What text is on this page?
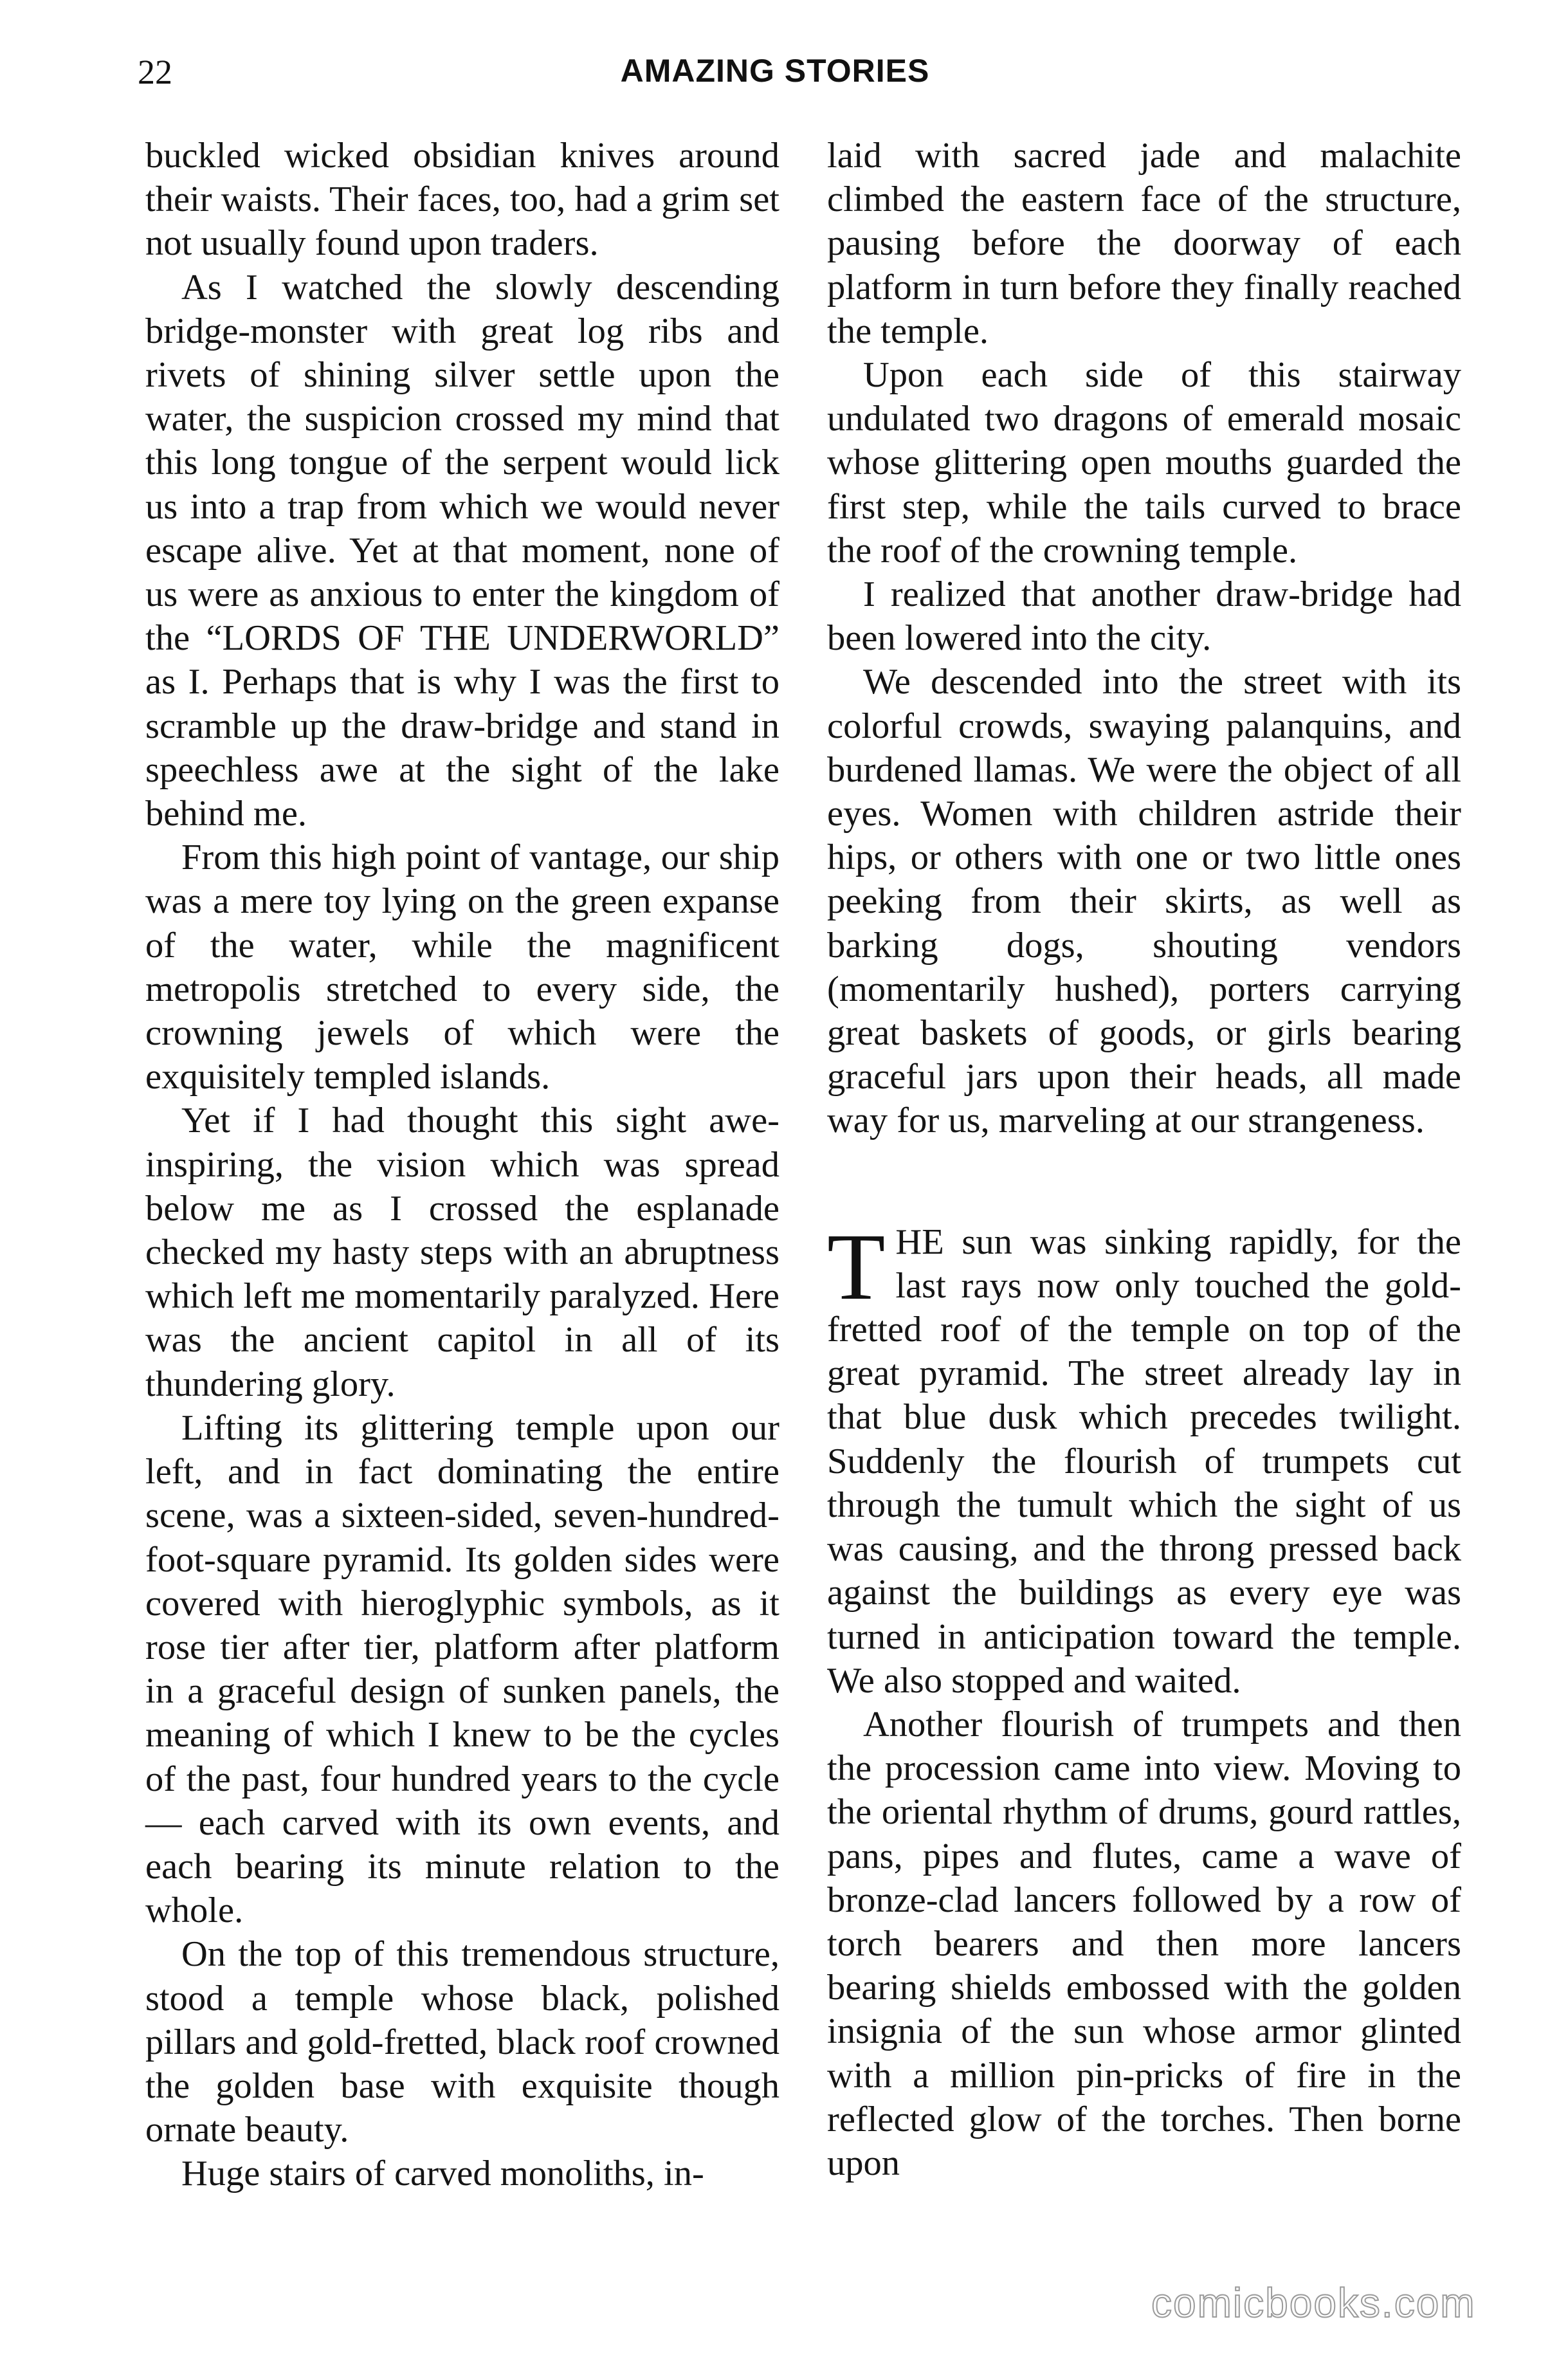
22	AMAZING STORIES

buckled wicked obsidian knives around their waists. Their faces, too, had a grim set not usually found upon traders.

As I watched the slowly descending bridge-monster with great log ribs and rivets of shining silver settle upon the water, the suspicion crossed my mind that this long tongue of the serpent would lick us into a trap from which we would never escape alive. Yet at that moment, none of us were as anxious to enter the kingdom of the “LORDS OF THE UNDERWORLD” as I. Perhaps that is why I was the first to scramble up the draw-bridge and stand in speechless awe at the sight of the lake behind me.

From this high point of vantage, our ship was a mere toy lying on the green expanse of the water, while the magnificent metropolis stretched to every side, the crowning jewels of which were the exquisitely templed islands.

Yet if I had thought this sight awe-inspiring, the vision which was spread below me as I crossed the esplanade checked my hasty steps with an abruptness which left me momentarily paralyzed. Here was the ancient capitol in all of its thundering glory.

Lifting its glittering temple upon our left, and in fact dominating the entire scene, was a sixteen-sided, seven-hundred-foot-square pyramid. Its golden sides were covered with hieroglyphic symbols, as it rose tier after tier, platform after platform in a graceful design of sunken panels, the meaning of which I knew to be the cycles of the past, four hundred years to the cycle — each carved with its own events, and each bearing its minute relation to the whole.

On the top of this tremendous structure, stood a temple whose black, polished pillars and gold-fretted, black roof crowned the golden base with exquisite though ornate beauty.

Huge stairs of carved monoliths, in-

laid with sacred jade and malachite climbed the eastern face of the structure, pausing before the doorway of each platform in turn before they finally reached the temple.

Upon each side of this stairway undulated two dragons of emerald mosaic whose glittering open mouths guarded the first step, while the tails curved to brace the roof of the crowning temple.

I realized that another draw-bridge had been lowered into the city.

We descended into the street with its colorful crowds, swaying palanquins, and burdened llamas. We were the object of all eyes. Women with children astride their hips, or others with one or two little ones peeking from their skirts, as well as barking dogs, shouting vendors (momentarily hushed), porters carrying great baskets of goods, or girls bearing graceful jars upon their heads, all made way for us, marveling at our strangeness.

THE sun was sinking rapidly, for the last rays now only touched the gold-fretted roof of the temple on top of the great pyramid. The street already lay in that blue dusk which precedes twilight. Suddenly the flourish of trumpets cut through the tumult which the sight of us was causing, and the throng pressed back against the buildings as every eye was turned in anticipation toward the temple. We also stopped and waited.

Another flourish of trumpets and then the procession came into view. Moving to the oriental rhythm of drums, gourd rattles, pans, pipes and flutes, came a wave of bronze-clad lancers followed by a row of torch bearers and then more lancers bearing shields embossed with the golden insignia of the sun whose armor glinted with a million pin-pricks of fire in the reflected glow of the torches. Then borne upon

comicbooks.com
